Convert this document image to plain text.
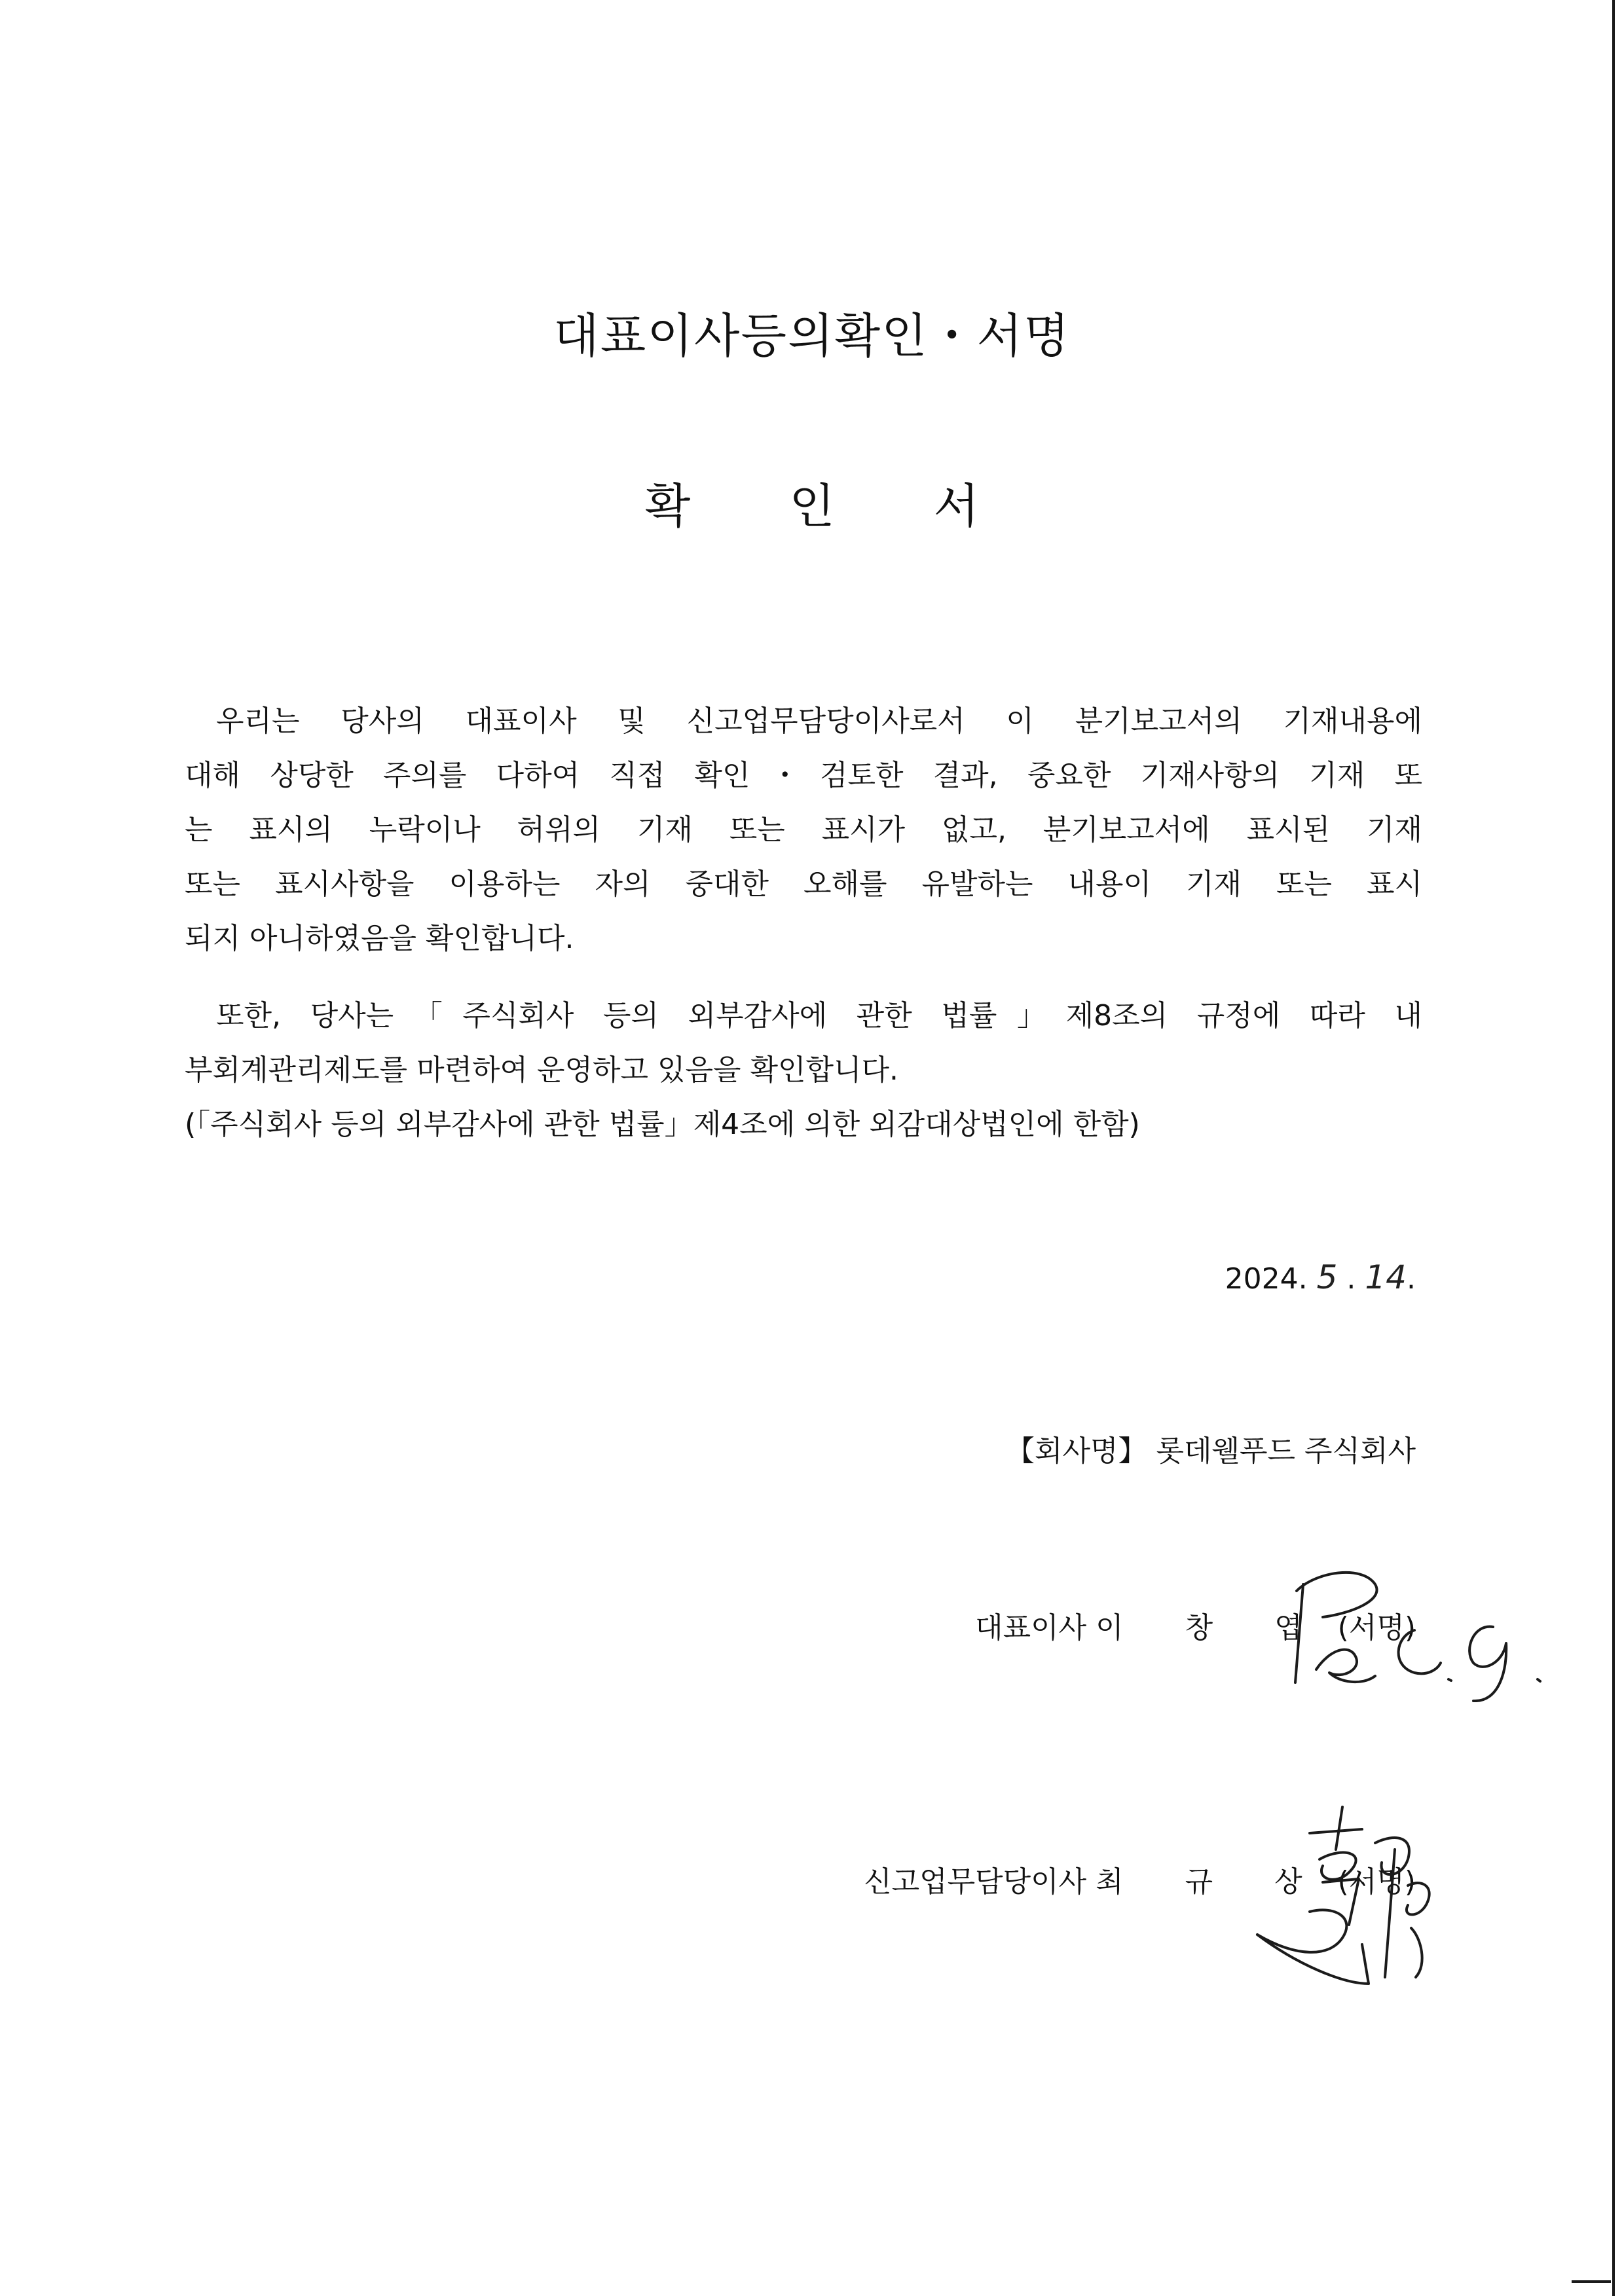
대표이사등의확인・서명
확 인 서
우리는 당사의 대표이사 및 신고업무담당이사로서 이 분기보고서의 기재내용에
대해 상당한 주의를 다하여 직접 확인・검토한 결과, 중요한 기재사항의 기재 또
는 표시의 누락이나 허위의 기재 또는 표시가 없고, 분기보고서에 표시된 기재
또는 표시사항을 이용하는 자의 중대한 오해를 유발하는 내용이 기재 또는 표시
되지 아니하였음을 확인합니다.
또한, 당사는「주식회사 등의 외부감사에 관한 법률」제8조의 규정에 따라 내
부회계관리제도를 마련하여 운영하고 있음을 확인합니다.
(「주식회사 등의 외부감사에 관한 법률」제4조에 의한 외감대상법인에 한함)
2024. 5 . 14.
【회사명】 롯데웰푸드 주식회사
대표이사 이 창 엽 (서명)
신고업무담당이사 최 규 상 (서명)
